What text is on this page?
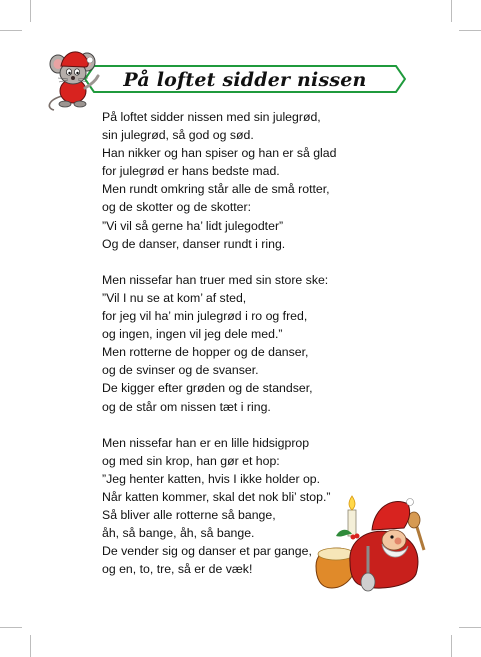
På loftet sidder nissen
På loftet sidder nissen med sin julegrød,
sin julegrød, så god og sød.
Han nikker og han spiser og han er så glad
for julegrød er hans bedste mad.
Men rundt omkring står alle de små rotter,
og de skotter og de skotter:
”Vi vil så gerne ha’ lidt julegodter”
Og de danser, danser rundt i ring.
Men nissefar han truer med sin store ske:
”Vil I nu se at kom’ af sted,
for jeg vil ha’ min julegrød i ro og fred,
og ingen, ingen vil jeg dele med.”
Men rotterne de hopper og de danser,
og de svinser og de svanser.
De kigger efter grøden og de standser,
og de står om nissen tæt i ring.
Men nissefar han er en lille hidsigprop
og med sin krop, han gør et hop:
”Jeg henter katten, hvis I ikke holder op.
Når katten kommer, skal det nok bli’ stop.”
Så bliver alle rotterne så bange,
åh, så bange, åh, så bange.
De vender sig og danser et par gange,
og en, to, tre, så er de væk!
